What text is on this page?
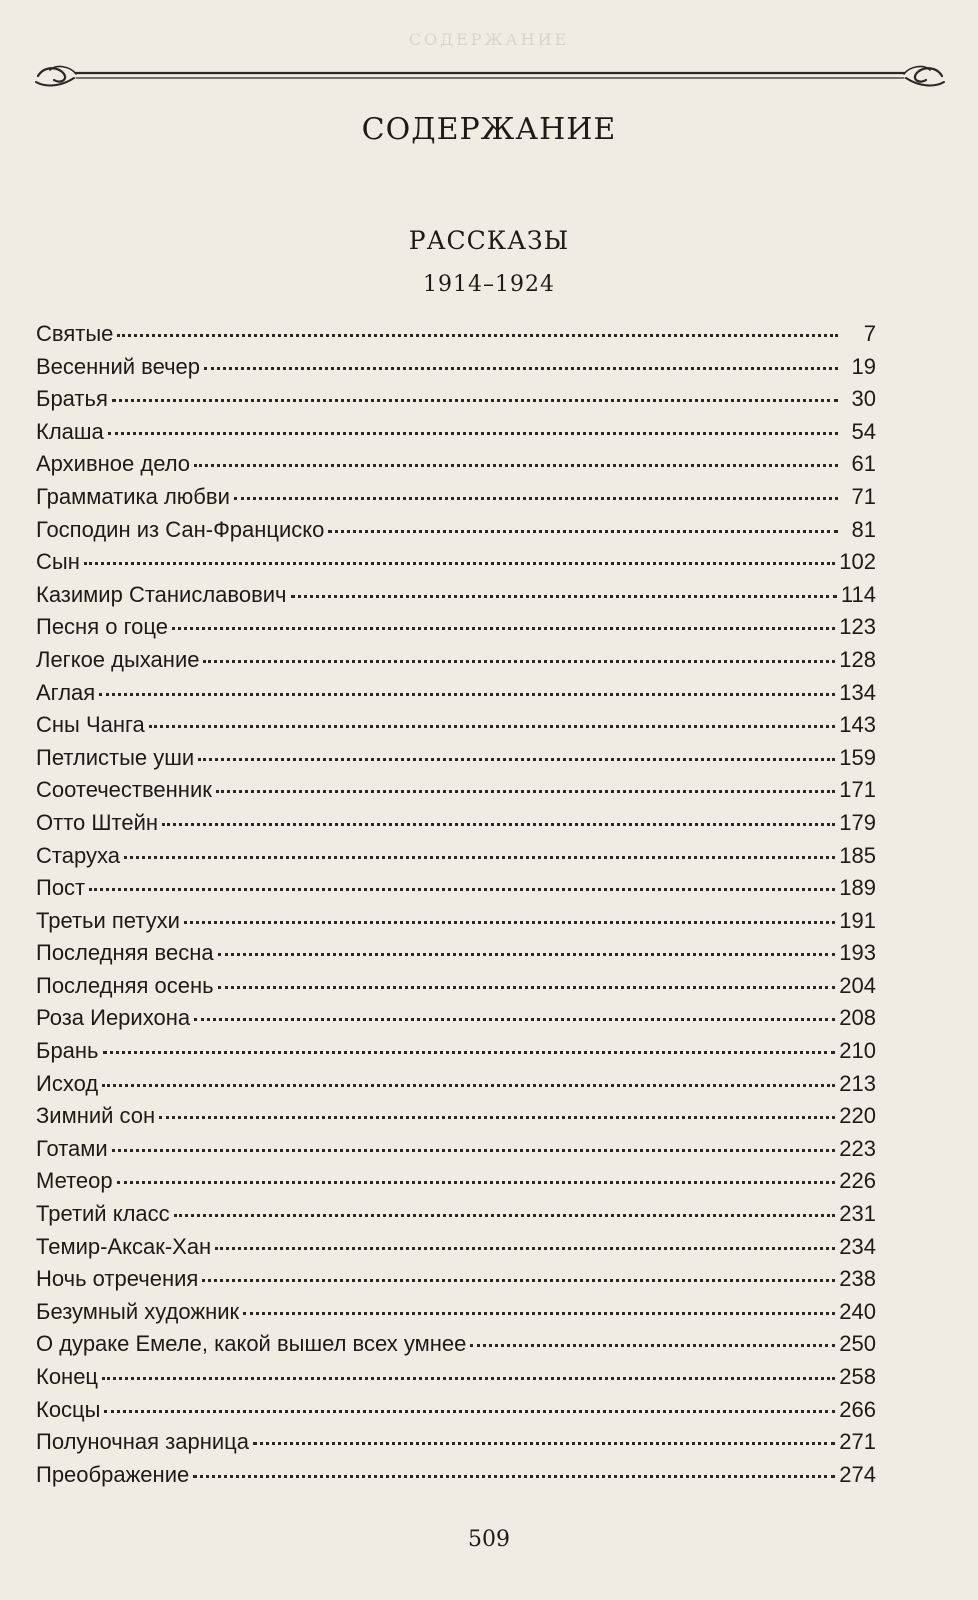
СОДЕРЖАНИЕ
СОДЕРЖАНИЕ
РАССКАЗЫ
1914–1924
Святые	7
Весенний вечер	19
Братья	30
Клаша	54
Архивное дело	61
Грамматика любви	71
Господин из Сан-Франциско	81
Сын	102
Казимир Станиславович	114
Песня о гоце	123
Легкое дыхание	128
Аглая	134
Сны Чанга	143
Петлистые уши	159
Соотечественник	171
Отто Штейн	179
Старуха	185
Пост	189
Третьи петухи	191
Последняя весна	193
Последняя осень	204
Роза Иерихона	208
Брань	210
Исход	213
Зимний сон	220
Готами	223
Метеор	226
Третий класс	231
Темир-Аксак-Хан	234
Ночь отречения	238
Безумный художник	240
О дураке Емеле, какой вышел всех умнее	250
Конец	258
Косцы	266
Полуночная зарница	271
Преображение	274
509
